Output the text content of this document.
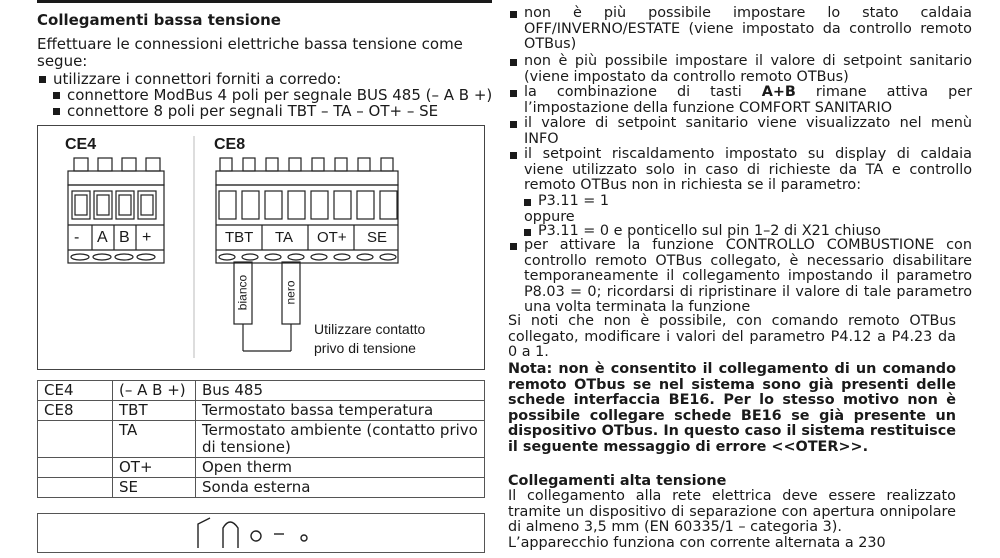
Collegamenti bassa tensione

Effettuare le connessioni elettriche bassa tensione come segue:

utilizzare i connettori forniti a corredo:
connettore ModBus 4 poli per segnale BUS 485 (– A B +)
connettore 8 poli per segnali TBT – TA – OT+ – SE
CE4	CE8
- A B +	TBT TA OT+ SE
bianco	nero
Utilizzare contatto
privo di tensione
CE4	(– A B +)	Bus 485
CE8	TBT	Termostato bassa temperatura
	TA	Termostato ambiente (contatto privo di tensione)
	OT+	Open therm
	SE	Sonda esterna
non è più possibile impostare lo stato caldaia OFF/INVERNO/ESTATE (viene impostato da controllo remoto OTBus)
non è più possibile impostare il valore di setpoint sanitario (viene impostato da controllo remoto OTBus)
la combinazione di tasti A+B rimane attiva per l’impostazione della funzione COMFORT SANITARIO
il valore di setpoint sanitario viene visualizzato nel menù INFO
il setpoint riscaldamento impostato su display di caldaia viene utilizzato solo in caso di richieste da TA e controllo remoto OTBus non in richiesta se il parametro:
P3.11 = 1
oppure
P3.11 = 0 e ponticello sul pin 1–2 di X21 chiuso
per attivare la funzione CONTROLLO COMBUSTIONE con controllo remoto OTBus collegato, è necessario disabilitare temporaneamente il collegamento impostando il parametro P8.03 = 0; ricordarsi di ripristinare il valore di tale parametro una volta terminata la funzione
Si noti che non è possibile, con comando remoto OTBus collegato, modificare i valori del parametro P4.12 a P4.23 da 0 a 1.
Nota: non è consentito il collegamento di un comando remoto OTbus se nel sistema sono già presenti delle schede interfaccia BE16. Per lo stesso motivo non è possibile collegare schede BE16 se già presente un dispositivo OTbus. In questo caso il sistema restituisce il seguente messaggio di errore <<OTER>>.
Collegamenti alta tensione
Il collegamento alla rete elettrica deve essere realizzato tramite un dispositivo di separazione con apertura onnipolare di almeno 3,5 mm (EN 60335/1 – categoria 3).
L’apparecchio funziona con corrente alternata a 230
